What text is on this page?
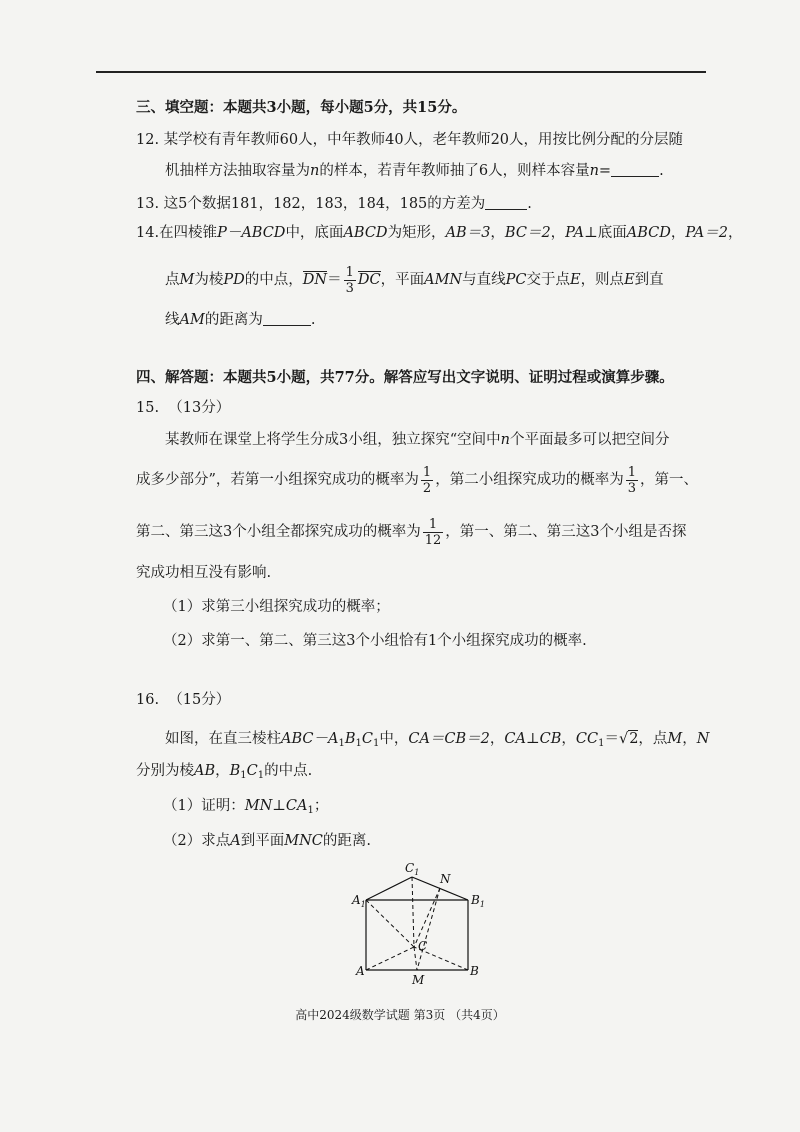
三、填空题：本题共3小题，每小题5分，共15分。
12. 某学校有青年教师60人，中年教师40人，老年教师20人，用按比例分配的分层随
机抽样方法抽取容量为n的样本，若青年教师抽了6人，则样本容量n=	.
13. 这5个数据181，182，183，184，185的方差为	.
14.在四棱锥P－ABCD中，底面ABCD为矩形，AB＝3，BC＝2，PA⊥底面ABCD，PA＝2，
点M为棱PD的中点，$DN= \frac{1}{3}$ DC，平面AMN与直线PC交于点E，则点E到直
线AM的距离为	.
四、解答题：本题共5小题，共77分。解答应写出文字说明、证明过程或演算步骤。
15. （13分）
某教师在课堂上将学生分成3小组，独立探究“空间中n个平面最多可以把空间分
成多少部分”，若第一小组探究成功的概率为 $\frac{1}{2}$ ，第二小组探究成功的概率为 $\frac{1}{3}$ ，第一、
第二、第三这3个小组全都探究成功的概率为 $\frac{1}{12}$ ，第一、第二、第三这3个小组是否探
究成功相互没有影响.
（1）求第三小组探究成功的概率；
（2）求第一、第二、第三这3个小组恰有1个小组探究成功的概率.
16. （15分）
如图，在直三棱柱$ABC-A_1B_1C_1$中，CA＝CB＝2，CA⊥CB，$CC_1=√2$，点M，N
分别为棱AB，$B_1C_1$的中点.
（1）证明：$MN\perp CA_1$；
（2）求点A到平面MNC的距离.
$C_1$ N
$A_1$	$B_1$
C
A
M
B
高中2024级数学试题 第3页 （共4页）
